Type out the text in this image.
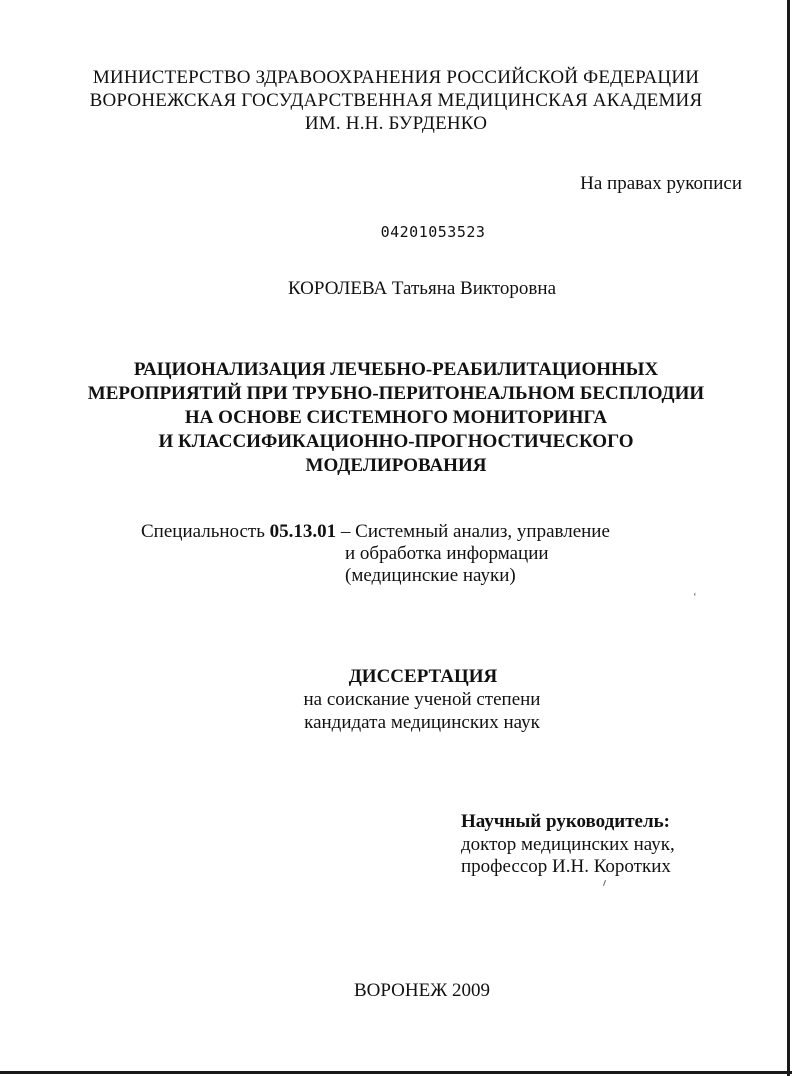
МИНИСТЕРСТВО ЗДРАВООХРАНЕНИЯ РОССИЙСКОЙ ФЕДЕРАЦИИ
ВОРОНЕЖСКАЯ ГОСУДАРСТВЕННАЯ МЕДИЦИНСКАЯ АКАДЕМИЯ
ИМ. Н.Н. БУРДЕНКО
На правах рукописи
04201053523
КОРОЛЕВА Татьяна Викторовна
РАЦИОНАЛИЗАЦИЯ ЛЕЧЕБНО-РЕАБИЛИТАЦИОННЫХ
МЕРОПРИЯТИЙ ПРИ ТРУБНО-ПЕРИТОНЕАЛЬНОМ БЕСПЛОДИИ
НА ОСНОВЕ СИСТЕМНОГО МОНИТОРИНГА
И КЛАССИФИКАЦИОННО-ПРОГНОСТИЧЕСКОГО
МОДЕЛИРОВАНИЯ
Специальность 05.13.01 – Системный анализ, управление
и обработка информации
(медицинские науки)
ʻ
ДИССЕРТАЦИЯ
на соискание ученой степени
кандидата медицинских наук
Научный руководитель:
доктор медицинских наук,
профессор И.Н. Коротких
ВОРОНЕЖ 2009
